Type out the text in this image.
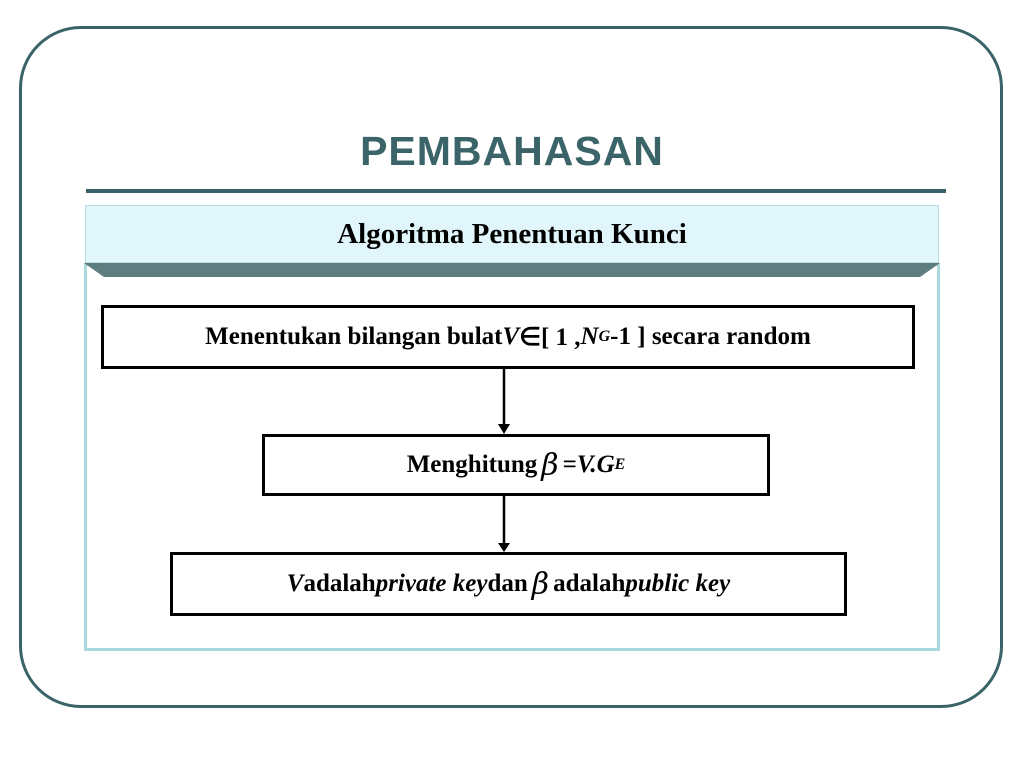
PEMBAHASAN
Algoritma Penentuan Kunci
Menentukan bilangan bulat V ∈[ 1 , N G -1 ] secara random
Menghitung β = V.G E
V adalah private key dan β adalah public key
